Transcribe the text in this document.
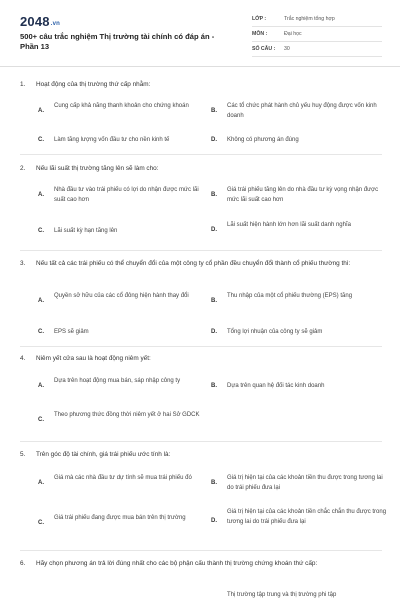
2048.vn
500+ câu trắc nghiệm Thị trường tài chính có đáp án - Phần 13
LỚP :	Trắc nghiệm tổng hợp
MÔN :	Đại học
SỐ CÂU :	30
1. Hoạt động của thị trường thứ cấp nhằm:
A.
Cung cấp khả năng thanh khoản cho chứng khoán
B.
Các tổ chức phát hành chủ yếu huy động được vốn kinh doanh
C. Làm tăng lượng vốn đầu tư cho nền kinh tế	D. Không có phương án đúng
2. Nếu lãi suất thị trường tăng lên sẽ làm cho:
A.
Nhà đầu tư vào trái phiếu có lợi do nhận được mức lãi suất cao hơn
B.
Giá trái phiếu tăng lên do nhà đầu tư kỳ vọng nhận được mức lãi suất cao hơn
C. Lãi suất kỳ hạn tăng lên	D.
Lãi suất hiện hành lớn hơn lãi suất danh nghĩa
3. Nếu tất cả các trái phiếu có thể chuyển đổi của một công ty cổ phần đều chuyển đổi thành cổ phiếu thường thì:
A.
Quyền sở hữu của các cổ đông hiện hành thay đổi
B.
Thu nhập của một cổ phiếu thường (EPS) tăng
C. EPS sẽ giảm	D. Tổng lợi nhuận của công ty sẽ giảm
4. Niêm yết cửa sau là hoạt động niêm yết:
A.
Dựa trên hoạt động mua bán, sáp nhập công ty
B. Dựa trên quan hệ đối tác kinh doanh
C.
Theo phương thức đồng thời niêm yết ở hai Sở GDCK
5. Trên góc độ tài chính, giá trái phiếu ước tính là:
A.
Giá mà các nhà đầu tư dự tính sẽ mua trái phiếu đó
B.
Giá trị hiện tại của các khoản tiền thu được trong tương lai do trái phiếu đưa lại
C.
Giá trái phiếu đang được mua bán trên thị trường	D.
Giá trị hiện tại của các khoản tiền chắc chắn thu được trong tương lai do trái phiếu đưa lại
6. Hãy chọn phương án trả lời đúng nhất cho các bộ phận cấu thành thị trường chứng khoán thứ cấp:
Thị trường tập trung và thị trường phi tập
